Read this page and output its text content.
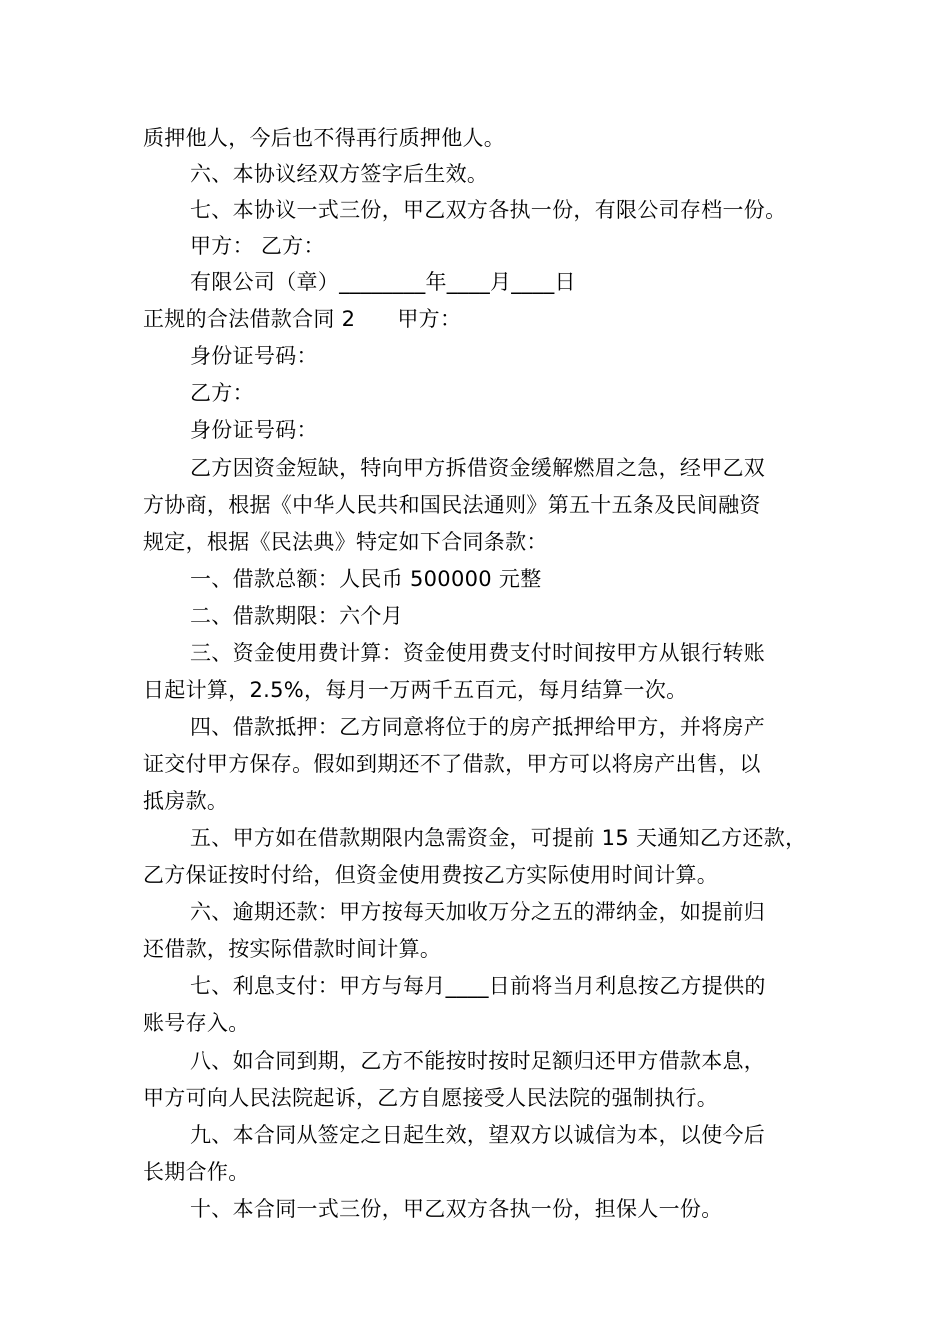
质押他人，今后也不得再行质押他人。
六、本协议经双方签字后生效。
七、本协议一式三份，甲乙双方各执一份，有限公司存档一份。
甲方： 乙方：
有限公司（章）________年____月____日
正规的合法借款合同 2 甲方：
身份证号码：
乙方：
身份证号码：
乙方因资金短缺，特向甲方拆借资金缓解燃眉之急，经甲乙双
方协商，根据《中华人民共和国民法通则》第五十五条及民间融资
规定，根据《民法典》特定如下合同条款：
一、借款总额：人民币 500000 元整
二、借款期限：六个月
三、资金使用费计算：资金使用费支付时间按甲方从银行转账
日起计算，2.5%，每月一万两千五百元，每月结算一次。
四、借款抵押：乙方同意将位于的房产抵押给甲方，并将房产
证交付甲方保存。假如到期还不了借款，甲方可以将房产出售，以
抵房款。
五、甲方如在借款期限内急需资金，可提前 15 天通知乙方还款，
乙方保证按时付给，但资金使用费按乙方实际使用时间计算。
六、逾期还款：甲方按每天加收万分之五的滞纳金，如提前归
还借款，按实际借款时间计算。
七、利息支付：甲方与每月____日前将当月利息按乙方提供的
账号存入。
八、如合同到期，乙方不能按时按时足额归还甲方借款本息，
甲方可向人民法院起诉，乙方自愿接受人民法院的强制执行。
九、本合同从签定之日起生效，望双方以诚信为本，以使今后
长期合作。
十、本合同一式三份，甲乙双方各执一份，担保人一份。
